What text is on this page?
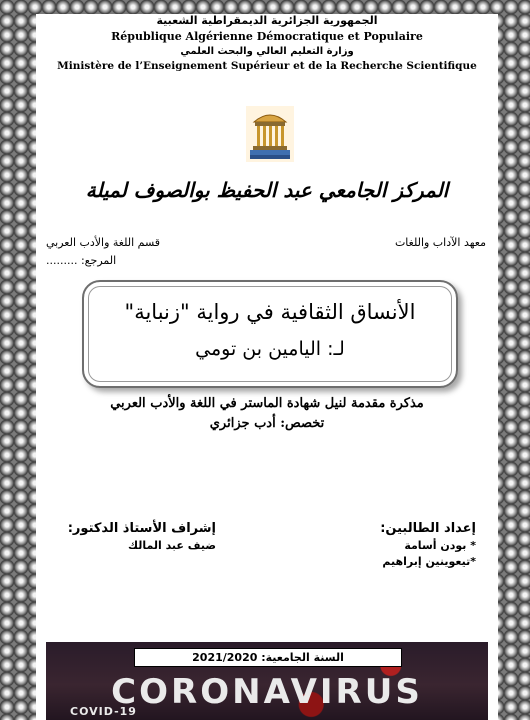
الجمهورية الجزائرية الديمقراطية الشعبية
République Algérienne Démocratique et Populaire
وزارة التعليم العالي والبحث العلمي
Ministère de l’Enseignement Supérieur et de la Recherche Scientifique
المركز الجامعي عبد الحفيظ بوالصوف لميلة
معهد الآداب واللغات
قسم اللغة والأدب العربي
المرجع: .........
الأنساق الثقافية في رواية "زنباية"
لـ: اليامين بن تومي
مذكرة مقدمة لنيل شهادة الماستر في اللغة والأدب العربي
تخصص: أدب جزائري
إعداد الطالبين:
* بودن أسامة
*تيعوينين إبراهيم
إشراف الأستاذ الدكتور:
ضيف عبد المالك
السنة الجامعية: 2021/2020
CORONAVIRUS
COVID-19
